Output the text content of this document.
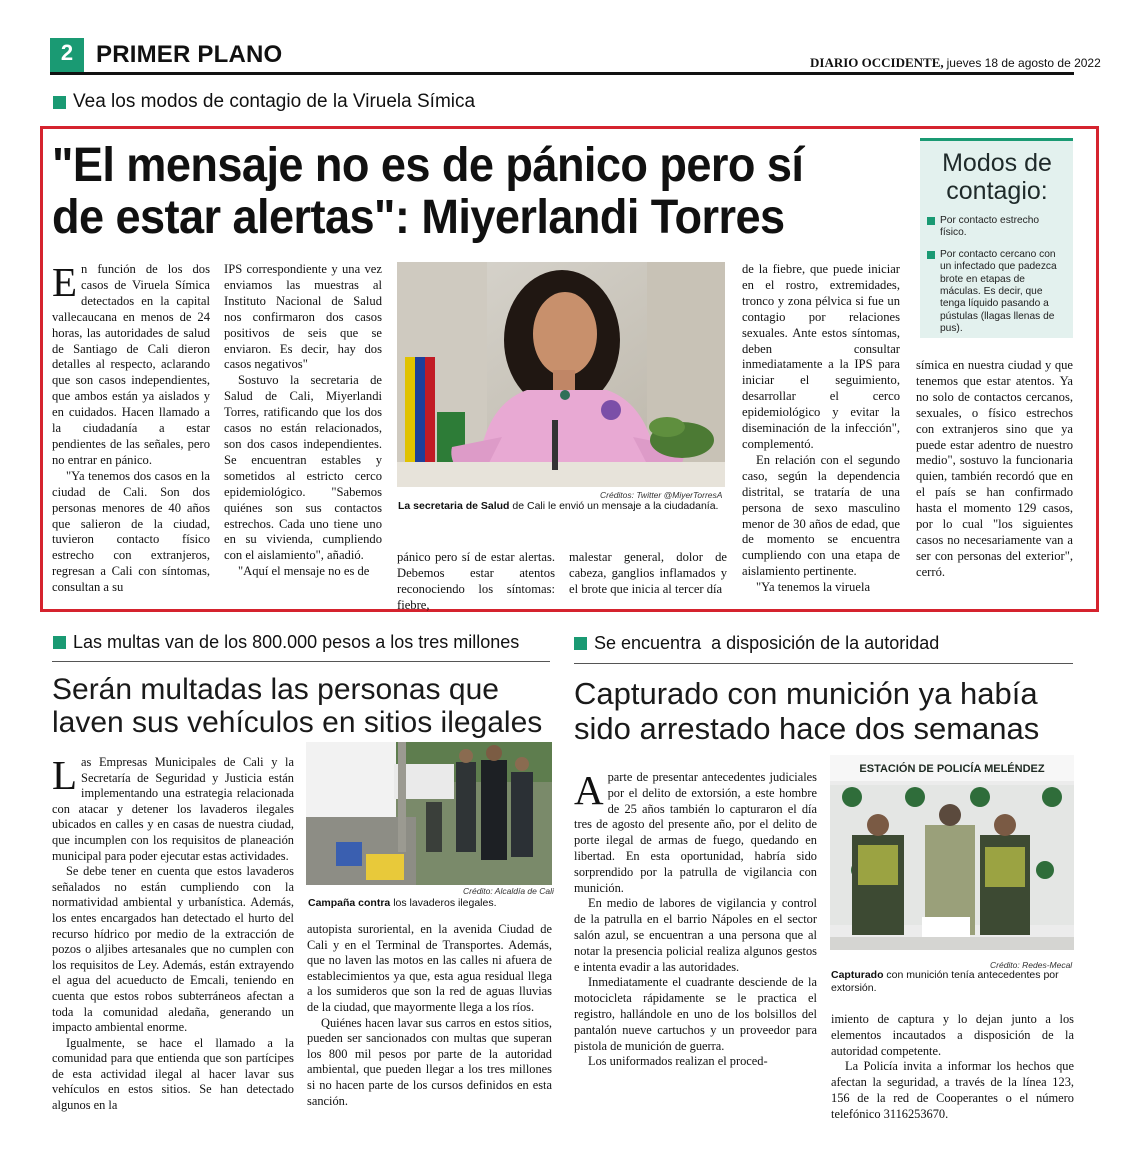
2 PRIMER PLANO	DIARIO OCCIDENTE, jueves 18 de agosto de 2022
Vea los modos de contagio de la Viruela Símica
"El mensaje no es de pánico pero sí de estar alertas": Miyerlandi Torres
Modos de contagio:
Por contacto estrecho físico.
Por contacto cercano con un infectado que padezca brote en etapas de máculas. Es decir, que tenga líquido pasando a pústulas (llagas llenas de pus).

En función de los dos casos de Viruela Símica detectados en la capital vallecaucana en menos de 24 horas, las autoridades de salud de Santiago de Cali dieron detalles al respecto, aclarando que son casos independientes, que ambos están ya aislados y en cuidados. Hacen llamado a la ciudadanía a estar pendientes de las señales, pero no entrar en pánico.

"Ya tenemos dos casos en la ciudad de Cali. Son dos personas menores de 40 años que salieron de la ciudad, tuvieron contacto físico estrecho con extranjeros, regresan a Cali con síntomas, consultan a su

IPS correspondiente y una vez enviamos las muestras al Instituto Nacional de Salud nos confirmaron dos casos positivos de seis que se enviaron. Es decir, hay dos casos negativos"

Sostuvo la secretaria de Salud de Cali, Miyerlandi Torres, ratificando que los dos casos no están relacionados, son dos casos independientes. Se encuentran estables y sometidos al estricto cerco epidemiológico. "Sabemos quiénes son sus contactos estrechos. Cada uno tiene uno en su vivienda, cumpliendo con el aislamiento", añadió.

"Aquí el mensaje no es de

Créditos: Twitter @MiyerTorresA
La secretaria de Salud de Cali le envió un mensaje a la ciudadanía.

pánico pero sí de estar alertas. Debemos estar atentos reconociendo los síntomas: fiebre,

malestar general, dolor de cabeza, ganglios inflamados y el brote que inicia al tercer día

de la fiebre, que puede iniciar en el rostro, extremidades, tronco y zona pélvica si fue un contagio por relaciones sexuales. Ante estos síntomas, deben consultar inmediatamente a la IPS para iniciar el seguimiento, desarrollar el cerco epidemiológico y evitar la diseminación de la infección", complementó.

En relación con el segundo caso, según la dependencia distrital, se trataría de una persona de sexo masculino menor de 30 años de edad, que de momento se encuentra cumpliendo con una etapa de aislamiento pertinente.

"Ya tenemos la viruela

símica en nuestra ciudad y que tenemos que estar atentos. Ya no solo de contactos cercanos, sexuales, o físico estrechos con extranjeros sino que ya puede estar adentro de nuestro medio", sostuvo la funcionaria quien, también recordó que en el país se han confirmado hasta el momento 129 casos, por lo cual "los siguientes casos no necesariamente van a ser con personas del exterior", cerró.

Las multas van de los 800.000 pesos a los tres millones
Serán multadas las personas que laven sus vehículos en sitios ilegales

Las Empresas Municipales de Cali y la Secretaría de Seguridad y Justicia están implementando una estrategia relacionada con atacar y detener los lavaderos ilegales ubicados en calles y en casas de nuestra ciudad, que incumplen con los requisitos de planeación municipal para poder ejecutar estas actividades.

Se debe tener en cuenta que estos lavaderos señalados no están cumpliendo con la normatividad ambiental y urbanística. Además, los entes encargados han detectado el hurto del recurso hídrico por medio de la extracción de pozos o aljibes artesanales que no cumplen con los requisitos de Ley. Además, están extrayendo el agua del acueducto de Emcali, teniendo en cuenta que estos robos subterráneos afectan a toda la comunidad aledaña, generando un impacto ambiental enorme.

Igualmente, se hace el llamado a la comunidad para que entienda que son partícipes de esta actividad ilegal al hacer lavar sus vehículos en estos sitios. Se han detectado algunos en la

Crédito: Alcaldía de Cali
Campaña contra los lavaderos ilegales.

autopista suroriental, en la avenida Ciudad de Cali y en el Terminal de Transportes. Además, que no laven las motos en las calles ni afuera de establecimientos ya que, esta agua residual llega a los sumideros que son la red de aguas lluvias de la ciudad, que mayormente llega a los ríos.

Quiénes hacen lavar sus carros en estos sitios, pueden ser sancionados con multas que superan los 800 mil pesos por parte de la autoridad ambiental, que pueden llegar a los tres millones si no hacen parte de los cursos definidos en esta sanción.

Se encuentra  a disposición de la autoridad
Capturado con munición ya había sido arrestado hace dos semanas

Aparte de presentar antecedentes judiciales por el delito de extorsión, a este hombre de 25 años también lo capturaron el día tres de agosto del presente año, por el delito de porte ilegal de armas de fuego, quedando en libertad. En esta oportunidad, habría sido sorprendido por la patrulla de vigilancia con munición.

En medio de labores de vigilancia y control de la patrulla en el barrio Nápoles en el sector salón azul, se encuentran a una persona que al notar la presencia policial realiza algunos gestos e intenta evadir a las autoridades.

Inmediatamente el cuadrante desciende de la motocicleta rápidamente se le practica el registro, hallándole en uno de los bolsillos del pantalón nueve cartuchos y un proveedor para pistola de munición de guerra.

Los uniformados realizan el proced-

ESTACIÓN DE POLICÍA MELÉNDEZ
Crédito: Redes-Mecal
Capturado con munición tenía antecedentes por extorsión.

imiento de captura y lo dejan junto a los elementos incautados a disposición de la autoridad competente.

La Policía invita a informar los hechos que afectan la seguridad, a través de la línea 123, 156 de la red de Cooperantes o el número telefónico 3116253670.
